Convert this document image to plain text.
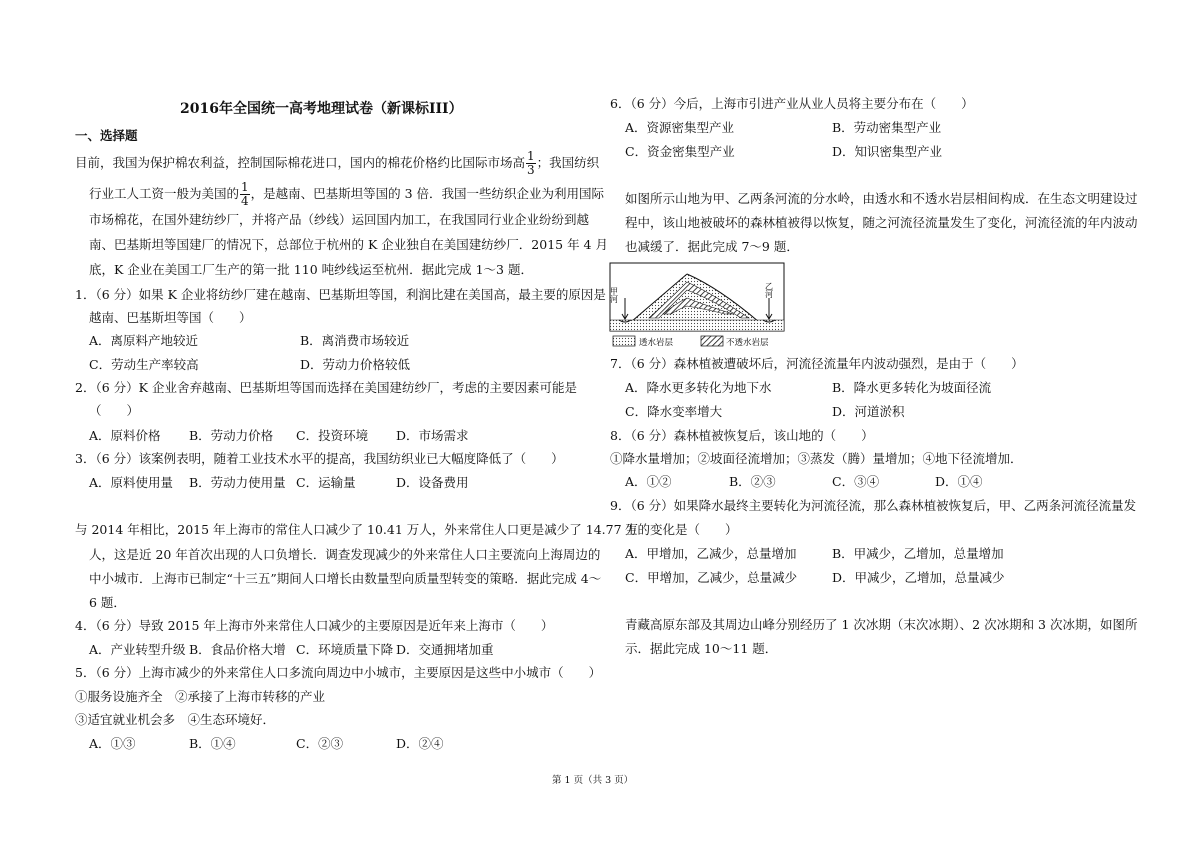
2016年全国统一高考地理试卷（新课标III）
一、选择题
目前，我国为保护棉农利益，控制国际棉花进口，国内的棉花价格约比国际市场高 $\frac{1}{3}$ ；我国纺织
行业工人工资一般为美国的 $\frac{1}{4}$ ，是越南、巴基斯坦等国的 3 倍．我国一些纺织企业为利用国际
市场棉花，在国外建纺纱厂，并将产品（纱线）运回国内加工，在我国同行业企业纷纷到越
南、巴基斯坦等国建厂的情况下，总部位于杭州的 K 企业独自在美国建纺纱厂．2015 年 4 月
底，K 企业在美国工厂生产的第一批 110 吨纱线运至杭州．据此完成 1～3 题．
1．（6 分）如果 K 企业将纺纱厂建在越南、巴基斯坦等国，利润比建在美国高，最主要的原因是
越南、巴基斯坦等国（　　）
A．离原料产地较近	B．离消费市场较近
C．劳动生产率较高	D．劳动力价格较低
2．（6 分）K 企业舍弃越南、巴基斯坦等国而选择在美国建纺纱厂，考虑的主要因素可能是
（　　）
A．原料价格 B．劳动力价格 C．投资环境 D．市场需求
3．（6 分）该案例表明，随着工业技术水平的提高，我国纺织业已大幅度降低了（　　）
A．原料使用量 B．劳动力使用量 C．运输量	D．设备费用
与 2014 年相比，2015 年上海市的常住人口减少了 10.41 万人，外来常住人口更是减少了 14.77 万
人，这是近 20 年首次出现的人口负增长．调查发现减少的外来常住人口主要流向上海周边的
中小城市．上海市已制定“十三五”期间人口增长由数量型向质量型转变的策略．据此完成 4～
6 题．
4．（6 分）导致 2015 年上海市外来常住人口减少的主要原因是近年来上海市（　　）
A．产业转型升级 B．食品价格大增 C．环境质量下降 D．交通拥堵加重
5．（6 分）上海市减少的外来常住人口多流向周边中小城市，主要原因是这些中小城市（　　）
①服务设施齐全　②承接了上海市转移的产业
③适宜就业机会多　④生态环境好．
A．①③	B．①④	C．②③	D．②④
6．（6 分）今后，上海市引进产业从业人员将主要分布在（　　）
A．资源密集型产业	B．劳动密集型产业
C．资金密集型产业	D．知识密集型产业
如图所示山地为甲、乙两条河流的分水岭，由透水和不透水岩层相间构成．在生态文明建设过
程中，该山地被破坏的森林植被得以恢复，随之河流径流量发生了变化，河流径流的年内波动
也减缓了．据此完成 7～9 题．
甲河	乙河
透水岩层	不透水岩层
7．（6 分）森林植被遭破坏后，河流径流量年内波动强烈，是由于（　　）
A．降水更多转化为地下水	B．降水更多转化为坡面径流
C．降水变率增大	D．河道淤积
8．（6 分）森林植被恢复后，该山地的（　　）
①降水量增加；②坡面径流增加；③蒸发（腾）量增加；④地下径流增加．
A．①②	B．②③	C．③④	D．①④
9．（6 分）如果降水最终主要转化为河流径流，那么森林植被恢复后，甲、乙两条河流径流量发
生的变化是（　　）
A．甲增加，乙减少，总量增加	B．甲减少，乙增加，总量增加
C．甲增加，乙减少，总量减少	D．甲减少，乙增加，总量减少
青藏高原东部及其周边山峰分别经历了 1 次冰期（末次冰期）、2 次冰期和 3 次冰期，如图所
示．据此完成 10～11 题．
第 1 页（共 3 页）
